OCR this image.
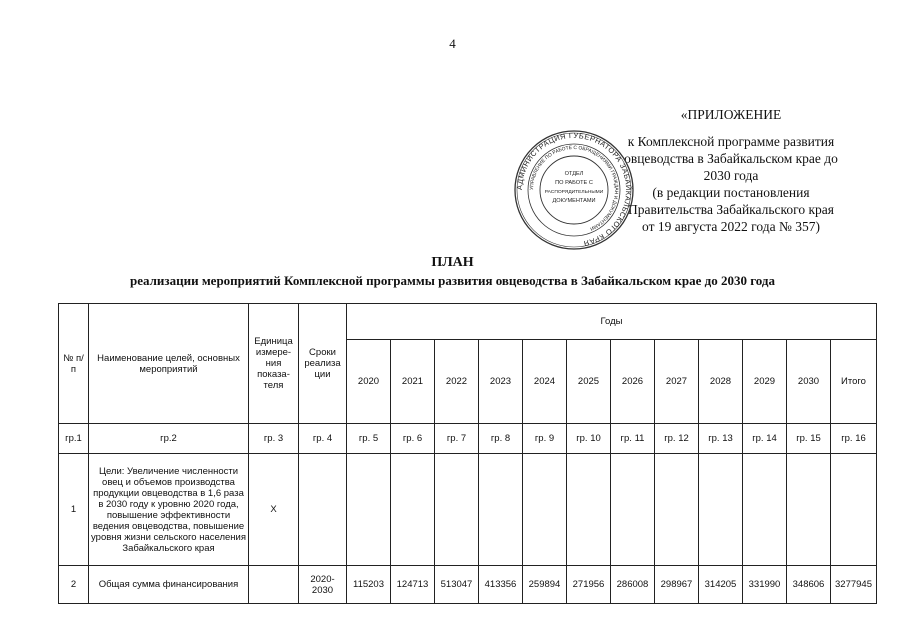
4
«ПРИЛОЖЕНИЕ
к Комплексной программе развития
овцеводства в Забайкальском крае до
2030 года
(в редакции постановления
Правительства Забайкальского края
от 19 августа 2022 года № 357)
АДМИНИСТРАЦИЯ ГУБЕРНАТОРА ЗАБАЙКАЛЬСКОГО КРАЯ
УПРАВЛЕНИЕ ПО РАБОТЕ С ОБРАЩЕНИЯМИ ГРАЖДАН И ДОКУМЕНТАМИ
ОТДЕЛ
ПО РАБОТЕ С
РАСПОРЯДИТЕЛЬНЫМИ
ДОКУМЕНТАМИ
ПЛАН
реализации мероприятий Комплексной программы развития овцеводства в Забайкальском крае до 2030 года
№ п/п	Наименование целей, основных мероприятий	Единица измере-ния показа-теля	Сроки реализа ции	Годы											
				2020	2021	2022	2023	2024	2025	2026	2027	2028	2029	2030	Итого
гр.1	гр.2	гр. 3	гр. 4	гр. 5	гр. 6	гр. 7	гр. 8	гр. 9	гр. 10	гр. 11	гр. 12	гр. 13	гр. 14	гр. 15	гр. 16
1	Цели: Увеличение численности овец и объемов производства продукции овцеводства в 1,6 раза в 2030 году к уровню 2020 года, повышение эффективности ведения овцеводства, повышение уровня жизни сельского населения Забайкальского края	X													
2	Общая сумма финансирования		2020-2030	115203	124713	513047	413356	259894	271956	286008	298967	314205	331990	348606	3277945
